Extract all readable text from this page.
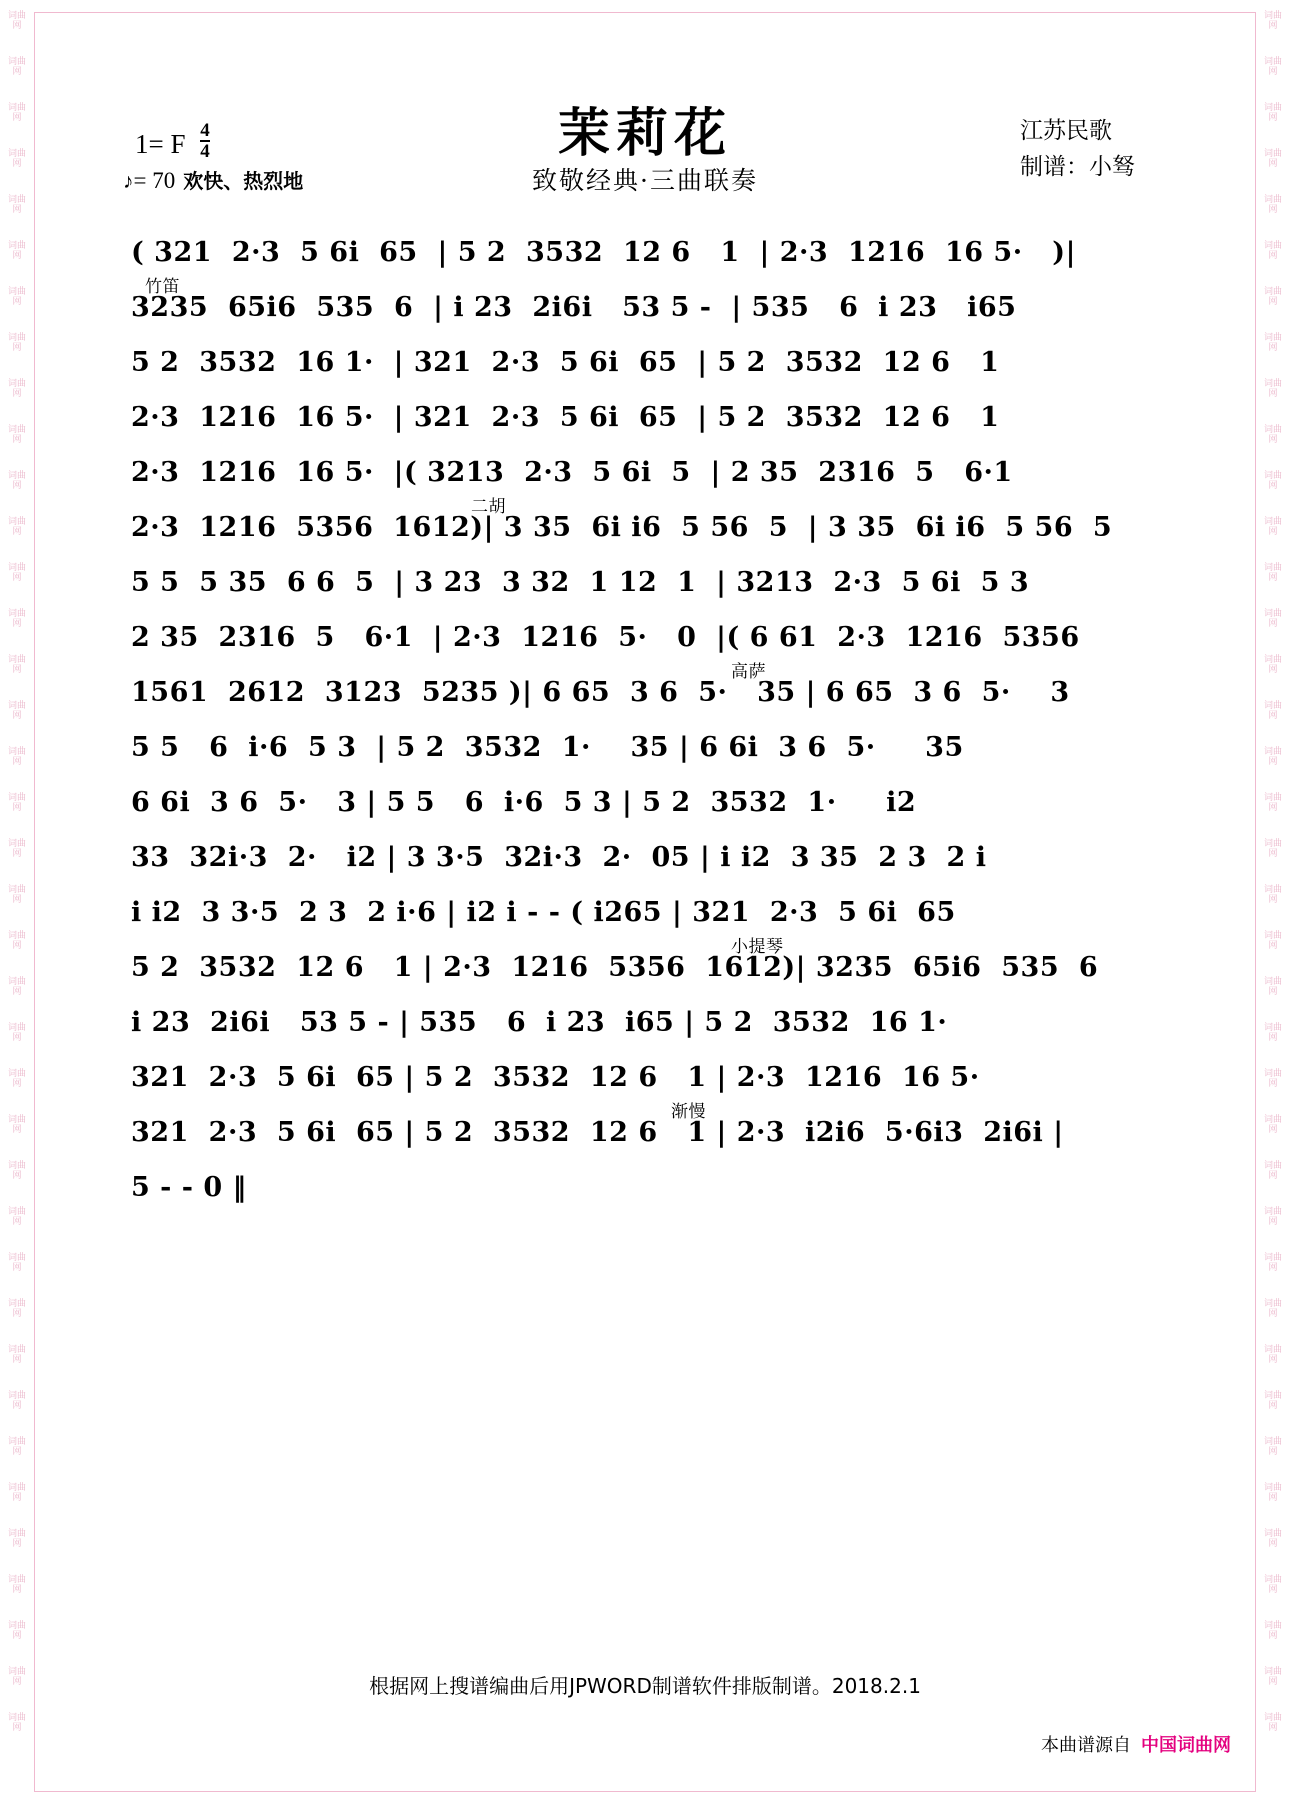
词曲网
词曲网
词曲网
词曲网
词曲网
词曲网
词曲网
词曲网
词曲网
词曲网
词曲网
词曲网
词曲网
词曲网
词曲网
词曲网
词曲网
词曲网
词曲网
词曲网
词曲网
词曲网
词曲网
词曲网
词曲网
词曲网
词曲网
词曲网
词曲网
词曲网
词曲网
词曲网
词曲网
词曲网
词曲网
词曲网
词曲网
词曲网
词曲网
词曲网
词曲网
词曲网
词曲网
词曲网
词曲网
词曲网
词曲网
词曲网
词曲网
词曲网
词曲网
词曲网
词曲网
词曲网
词曲网
词曲网
词曲网
词曲网
词曲网
词曲网
词曲网
词曲网
词曲网
词曲网
词曲网
词曲网
词曲网
词曲网
词曲网
词曲网
词曲网
词曲网
词曲网
词曲网
词曲网
词曲网
1= F $\frac{4}{4}$
♪= 70 欢快、热烈地
茉莉花
致敬经典·三曲联奏
江苏民歌
制谱：小驽
( 321  2·3  5 6i  65  | 5 2  3532  12 6   1  | 2·3  1216  16 5·   )|

竹笛

3235  65i6  535  6  | i 23  2i6i   53 5 -  | 535   6  i 23   i65

5 2  3532  16 1·  | 321  2·3  5 6i  65  | 5 2  3532  12 6   1
2·3  1216  16 5·  | 321  2·3  5 6i  65  | 5 2  3532  12 6   1
2·3  1216  16 5·  |( 3213  2·3  5 6i  5  | 2 35  2316  5   6·1

二胡

2·3  1216  5356  1612)| 3 35  6i i6  5 56  5  | 3 35  6i i6  5 56  5

5 5  5 35  6 6  5  | 3 23  3 32  1 12  1  | 3213  2·3  5 6i  5 3
2 35  2316  5   6·1  | 2·3  1216  5·   0  |( 6 61  2·3  1216  5356

高萨

1561  2612  3123  5235 )| 6 65  3 6  5·   35 | 6 65  3 6  5·    3

5 5   6  i·6  5 3  | 5 2  3532  1·    35 | 6 6i  3 6  5·     35
6 6i  3 6  5·   3 | 5 5   6  i·6  5 3 | 5 2  3532  1·     i2
33  32i·3  2·   i2 | 3 3·5  32i·3  2·  05 | i i2  3 35  2 3  2 i
i i2  3 3·5  2 3  2 i·6 | i2 i - - ( i265 | 321  2·3  5 6i  65

小提琴

5 2  3532  12 6   1 | 2·3  1216  5356  1612)| 3235  65i6  535  6

i 23  2i6i   53 5 - | 535   6  i 23  i65 | 5 2  3532  16 1·
321  2·3  5 6i  65 | 5 2  3532  12 6   1 | 2·3  1216  16 5·

渐慢

321  2·3  5 6i  65 | 5 2  3532  12 6   1 | 2·3  i2i6  5·6i3  2i6i |

5 - - 0 ‖
根据网上搜谱编曲后用JPWORD制谱软件排版制谱。2018.2.1
本曲谱源自 中国词曲网
